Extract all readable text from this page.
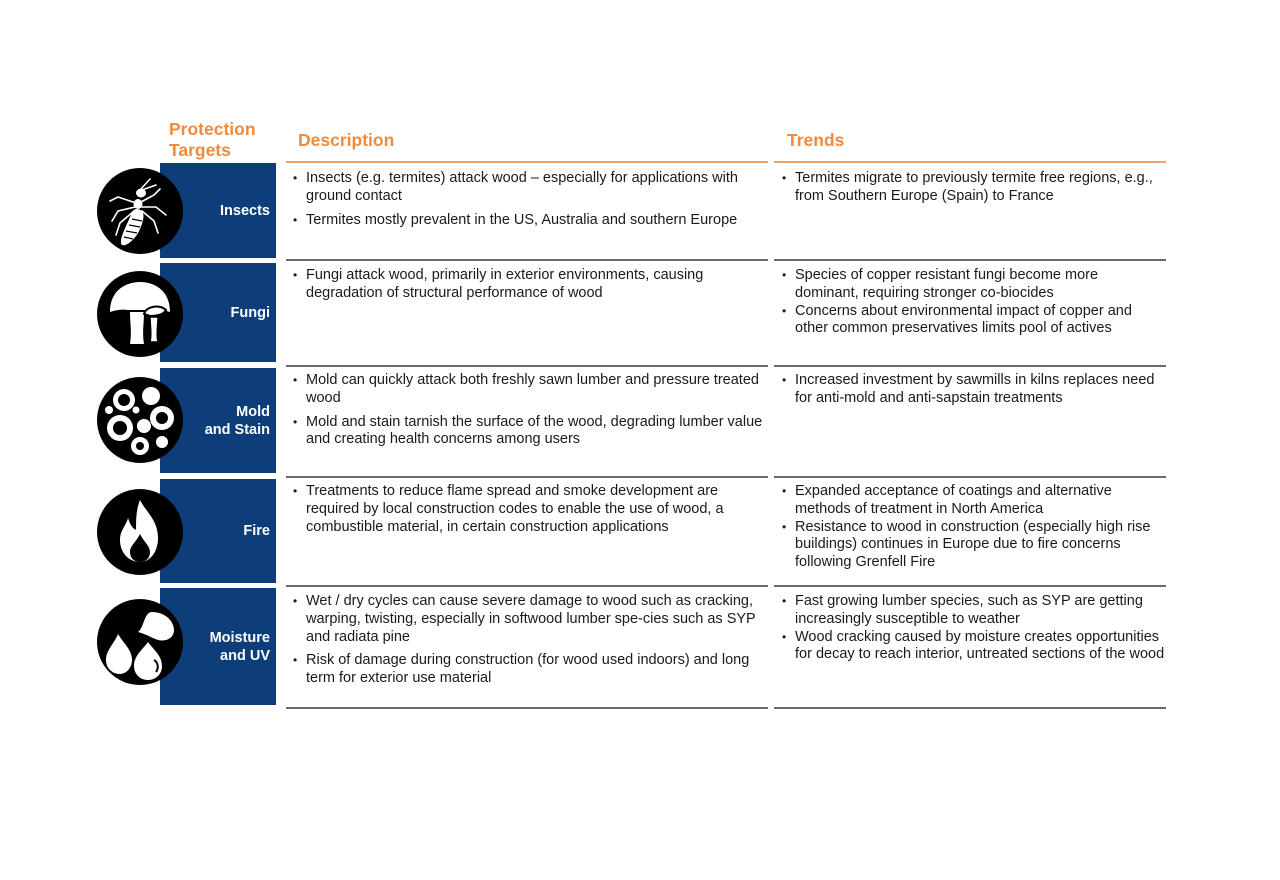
Protection Targets	Description	Trends
Insects
• Insects (e.g. termites) attack wood – especially for applications with ground contact
• Termites mostly prevalent in the US, Australia and southern Europe
• Termites migrate to previously termite free regions, e.g., from Southern Europe (Spain) to France
Fungi
• Fungi attack wood, primarily in exterior environments, causing degradation of structural performance of wood
• Species of copper resistant fungi become more dominant, requiring stronger co-biocides
• Concerns about environmental impact of copper and other common preservatives limits pool of actives
Mold
and Stain
• Mold can quickly attack both freshly sawn lumber and pressure treated wood
• Mold and stain tarnish the surface of the wood, degrading lumber value and creating health concerns among users
• Increased investment by sawmills in kilns replaces need for anti-mold and anti-sapstain treatments
Fire
• Treatments to reduce flame spread and smoke development are required by local construction codes to enable the use of wood, a combustible material, in certain construction applications
• Expanded acceptance of coatings and alternative methods of treatment in North America
• Resistance to wood in construction (especially high rise buildings) continues in Europe due to fire concerns following Grenfell Fire
Moisture
and UV
• Wet / dry cycles can cause severe damage to wood such as cracking, warping, twisting, especially in softwood lumber spe-cies such as SYP and radiata pine
• Risk of damage during construction (for wood used indoors) and long term for exterior use material
• Fast growing lumber species, such as SYP are getting increasingly susceptible to weather
• Wood cracking caused by moisture creates opportunities for decay to reach interior, untreated sections of the wood
